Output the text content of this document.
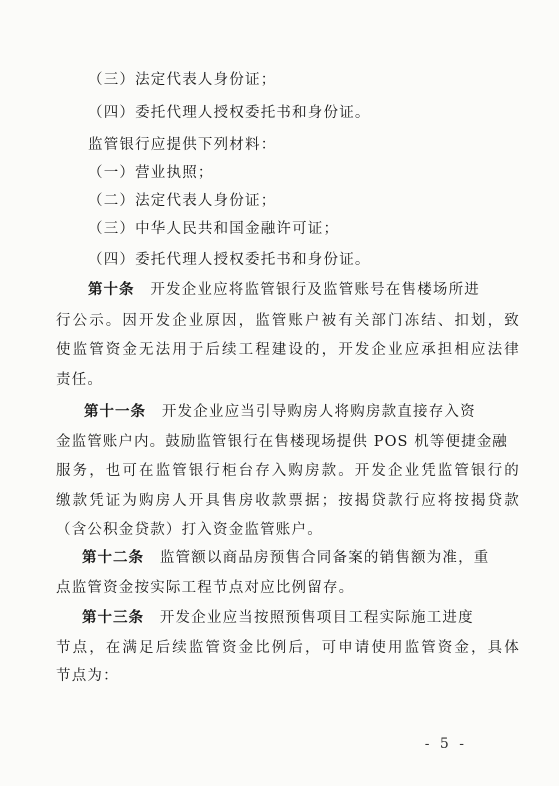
（三）法定代表人身份证；
（四）委托代理人授权委托书和身份证。
监管银行应提供下列材料：
（一）营业执照；
（二）法定代表人身份证；
（三）中华人民共和国金融许可证；
（四）委托代理人授权委托书和身份证。
第十条 开发企业应将监管银行及监管账号在售楼场所进
行公示。因开发企业原因，监管账户被有关部门冻结、扣划，致
使监管资金无法用于后续工程建设的，开发企业应承担相应法律
责任。
第十一条 开发企业应当引导购房人将购房款直接存入资
金监管账户内。鼓励监管银行在售楼现场提供 POS 机等便捷金融
服务，也可在监管银行柜台存入购房款。开发企业凭监管银行的
缴款凭证为购房人开具售房收款票据；按揭贷款行应将按揭贷款
（含公积金贷款）打入资金监管账户。
第十二条 监管额以商品房预售合同备案的销售额为准，重
点监管资金按实际工程节点对应比例留存。
第十三条 开发企业应当按照预售项目工程实际施工进度
节点，在满足后续监管资金比例后，可申请使用监管资金，具体
节点为：
- 5 -
